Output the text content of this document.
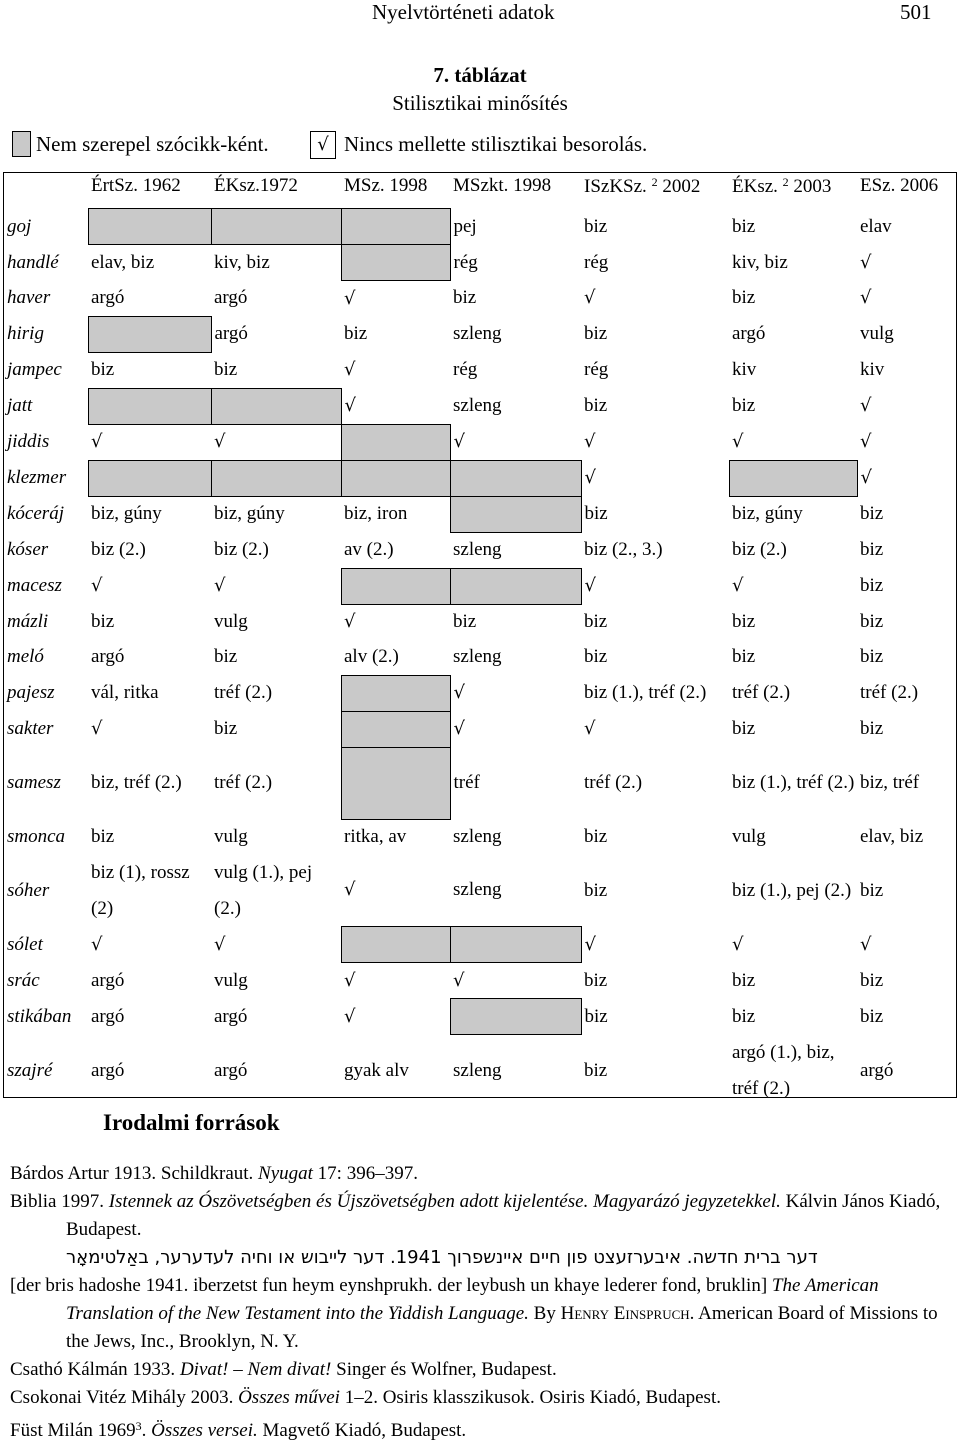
Nyelvtörténeti adatok	501
7. táblázat
Stilisztikai minősítés
Nem szerepel szócikk-ként.	√ Nincs mellette stilisztikai besorolás.
	ÉrtSz. 1962	ÉKsz.1972	MSz. 1998	MSzkt. 1998	ISzKSz. $^2$ 2002	ÉKsz. $^2$ 2003	ESz. 2006
goj				pej	biz	biz	elav
handlé	elav, biz	kiv, biz		rég	rég	kiv, biz	√
haver	argó	argó	√	biz	√	biz	√
hirig		argó	biz	szleng	biz	argó	vulg
jampec	biz	biz	√	rég	rég	kiv	kiv
jatt			√	szleng	biz	biz	√
jiddis	√	√		√	√	√	√
klezmer					√		√
kóceráj	biz, gúny	biz, gúny	biz, iron		biz	biz, gúny	biz
kóser	biz (2.)	biz (2.)	av (2.)	szleng	biz (2., 3.)	biz (2.)	biz
macesz	√	√			√	√	biz
mázli	biz	vulg	√	biz	biz	biz	biz
meló	argó	biz	alv (2.)	szleng	biz	biz	biz
pajesz	vál, ritka	tréf (2.)		√	biz (1.), tréf (2.)	tréf (2.)	tréf (2.)
sakter	√	biz		√	√	biz	biz
samesz	biz, tréf (2.)	tréf (2.)		tréf	tréf (2.)	biz (1.), tréf (2.)	biz, tréf
smonca	biz	vulg	ritka, av	szleng	biz	vulg	elav, biz
sóher	biz (1), rossz (2)	vulg (1.), pej (2.)	√	szleng	biz	biz (1.), pej (2.)	biz
sólet	√	√			√	√	√
srác	argó	vulg	√	√	biz	biz	biz
stikában	argó	argó	√		biz	biz	biz
szajré	argó	argó	gyak alv	szleng	biz	argó (1.), biz, tréf (2.)	argó
Irodalmi források

Bárdos Artur 1913. Schildkraut. Nyugat 17: 396–397.

Biblia 1997. Istennek az Ószövetségben és Újszövetségben adott kijelentése. Magyarázó jegyzetekkel. Kálvin János Kiadó, Budapest.

דער ברית חדשה. איבערזעצט פון חיים איינשפרוך 1941. דער לייבוש או וחיה לעדערער, באַלטימאָר

[der bris hadoshe 1941. iberzetst fun heym eynshprukh. der leybush un khaye lederer fond, bruklin] The American Translation of the New Testament into the Yiddish Language. By Henry Einspruch. American Board of Missions to the Jews, Inc., Brooklyn, N. Y.

Csathó Kálmán 1933. Divat! – Nem divat! Singer és Wolfner, Budapest.

Csokonai Vitéz Mihály 2003. Összes művei 1–2. Osiris klasszikusok. Osiris Kiadó, Budapest.

Füst Milán 1969$^3$. Összes versei. Magvető Kiadó, Budapest.
